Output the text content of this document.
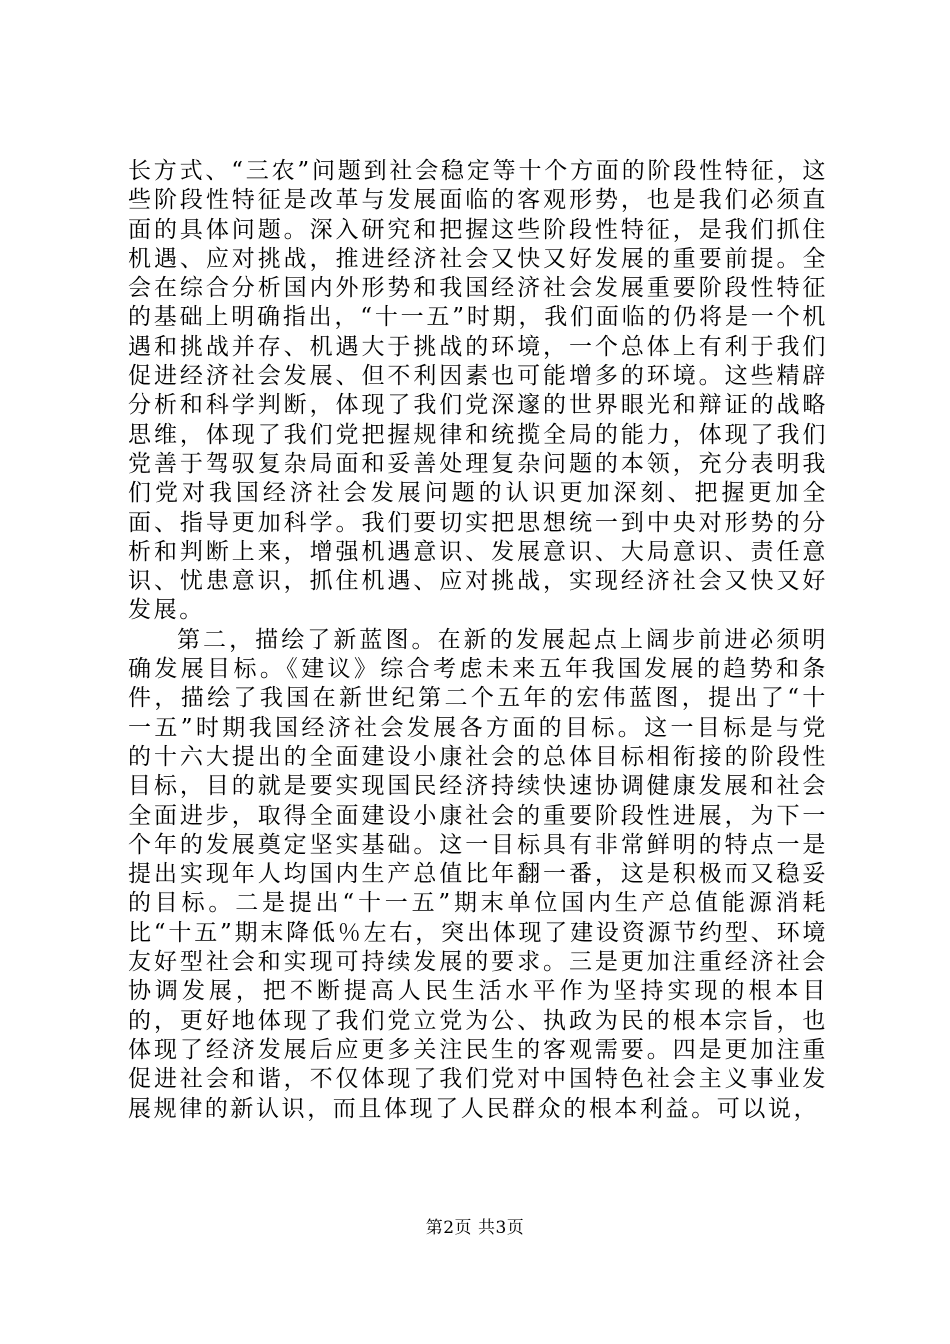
长方式、“三农”问题到社会稳定等十个方面的阶段性特征，这些阶段性特征是改革与发展面临的客观形势，也是我们必须直面的具体问题。深入研究和把握这些阶段性特征，是我们抓住机遇、应对挑战，推进经济社会又快又好发展的重要前提。全会在综合分析国内外形势和我国经济社会发展重要阶段性特征的基础上明确指出，“十一五”时期，我们面临的仍将是一个机遇和挑战并存、机遇大于挑战的环境，一个总体上有利于我们促进经济社会发展、但不利因素也可能增多的环境。这些精辟分析和科学判断，体现了我们党深邃的世界眼光和辩证的战略思维，体现了我们党把握规律和统揽全局的能力，体现了我们党善于驾驭复杂局面和妥善处理复杂问题的本领，充分表明我们党对我国经济社会发展问题的认识更加深刻、把握更加全面、指导更加科学。我们要切实把思想统一到中央对形势的分析和判断上来，增强机遇意识、发展意识、大局意识、责任意识、忧患意识，抓住机遇、应对挑战，实现经济社会又快又好发展。

第二，描绘了新蓝图。在新的发展起点上阔步前进必须明确发展目标。《建议》综合考虑未来五年我国发展的趋势和条件，描绘了我国在新世纪第二个五年的宏伟蓝图，提出了“十一五”时期我国经济社会发展各方面的目标。这一目标是与党的十六大提出的全面建设小康社会的总体目标相衔接的阶段性目标，目的就是要实现国民经济持续快速协调健康发展和社会全面进步，取得全面建设小康社会的重要阶段性进展，为下一个年的发展奠定坚实基础。这一目标具有非常鲜明的特点一是提出实现年人均国内生产总值比年翻一番，这是积极而又稳妥的目标。二是提出“十一五”期末单位国内生产总值能源消耗比“十五”期末降低％左右，突出体现了建设资源节约型、环境友好型社会和实现可持续发展的要求。三是更加注重经济社会协调发展，把不断提高人民生活水平作为坚持实现的根本目的，更好地体现了我们党立党为公、执政为民的根本宗旨，也体现了经济发展后应更多关注民生的客观需要。四是更加注重促进社会和谐，不仅体现了我们党对中国特色社会主义事业发展规律的新认识，而且体现了人民群众的根本利益。可以说，

第2页 共3页
